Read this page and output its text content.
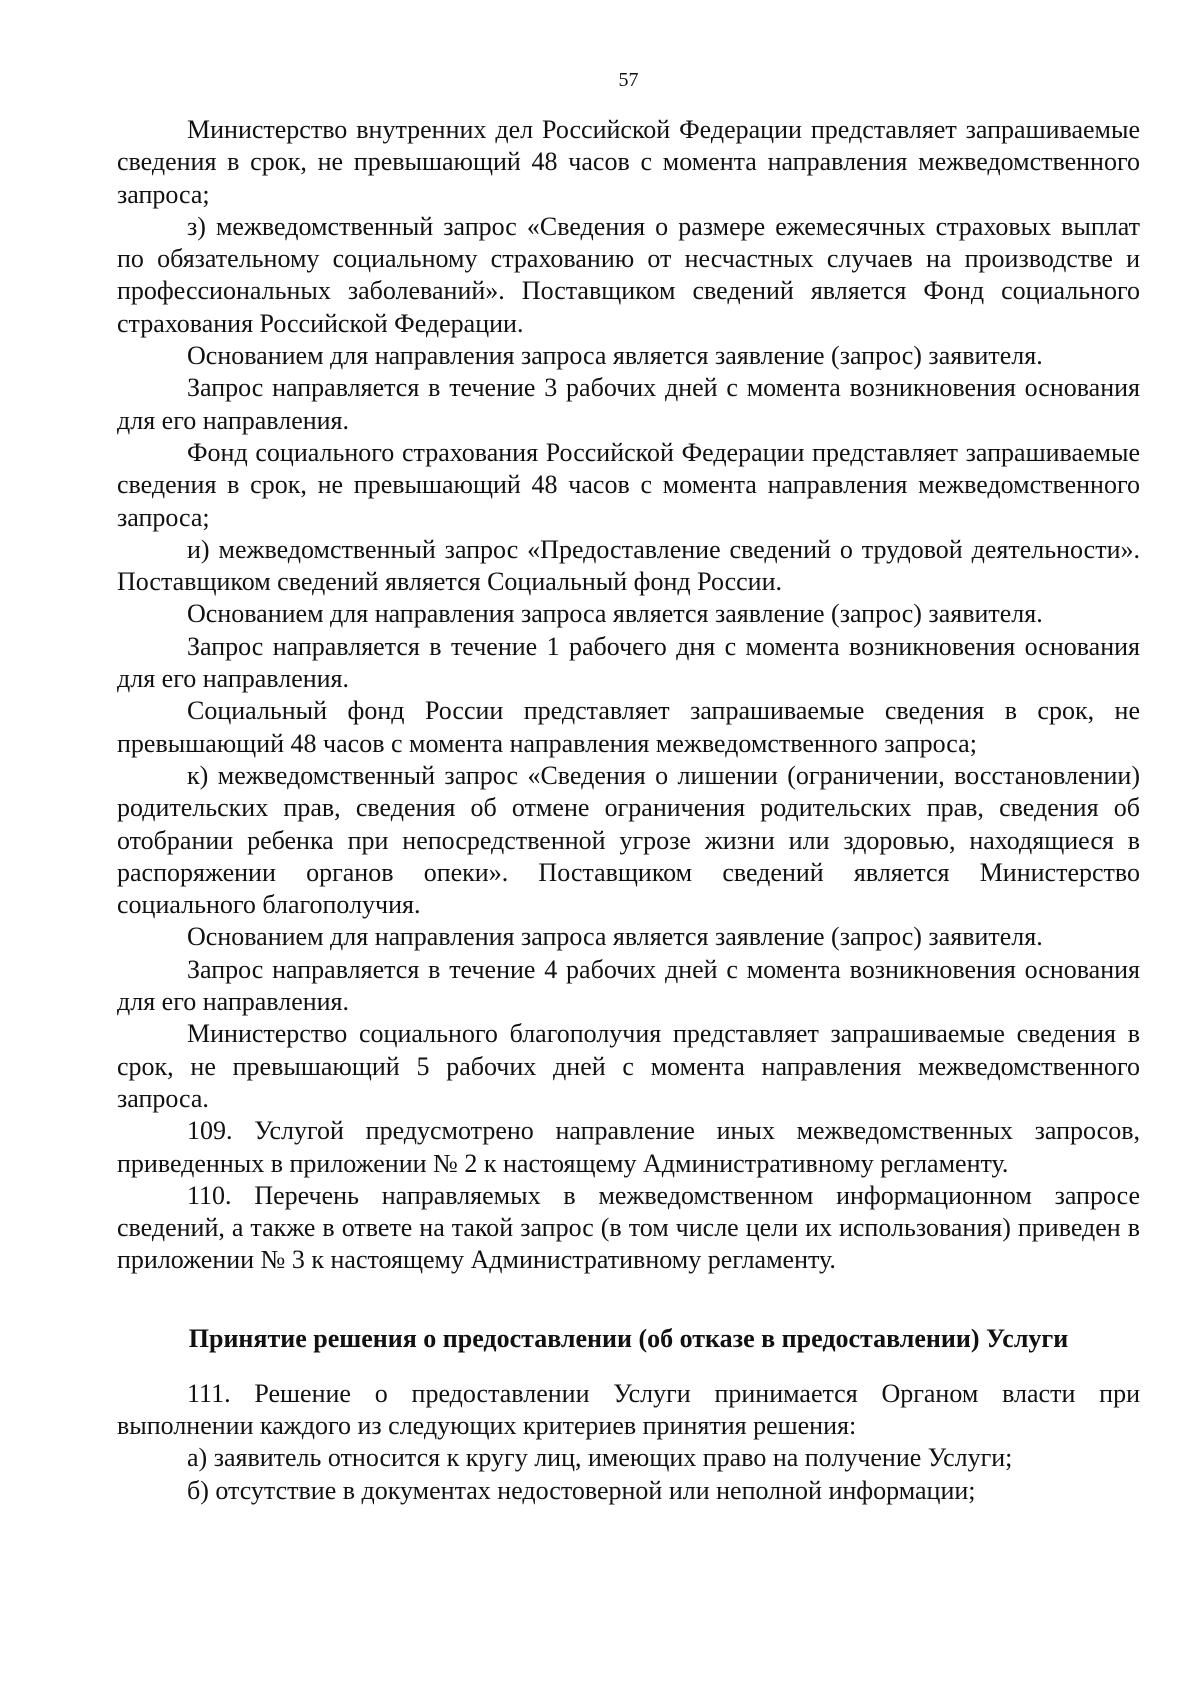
57

Министерство внутренних дел Российской Федерации представляет запрашиваемые сведения в срок, не превышающий 48 часов с момента направления межведомственного запроса;

з) межведомственный запрос «Сведения о размере ежемесячных страховых выплат по обязательному социальному страхованию от несчастных случаев на производстве и профессиональных заболеваний». Поставщиком сведений является Фонд социального страхования Российской Федерации.

Основанием для направления запроса является заявление (запрос) заявителя.

Запрос направляется в течение 3 рабочих дней с момента возникновения основания для его направления.

Фонд социального страхования Российской Федерации представляет запрашиваемые сведения в срок, не превышающий 48 часов с момента направления межведомственного запроса;

и) межведомственный запрос «Предоставление сведений о трудовой деятельности». Поставщиком сведений является Социальный фонд России.

Основанием для направления запроса является заявление (запрос) заявителя.

Запрос направляется в течение 1 рабочего дня с момента возникновения основания для его направления.

Социальный фонд России представляет запрашиваемые сведения в срок, не превышающий 48 часов с момента направления межведомственного запроса;

к) межведомственный запрос «Сведения о лишении (ограничении, восстановлении) родительских прав, сведения об отмене ограничения родительских прав, сведения об отобрании ребенка при непосредственной угрозе жизни или здоровью, находящиеся в распоряжении органов опеки». Поставщиком сведений является Министерство социального благополучия.

Основанием для направления запроса является заявление (запрос) заявителя.

Запрос направляется в течение 4 рабочих дней с момента возникновения основания для его направления.

Министерство социального благополучия представляет запрашиваемые сведения в срок, не превышающий 5 рабочих дней с момента направления межведомственного запроса.

109. Услугой предусмотрено направление иных межведомственных запросов, приведенных в приложении № 2 к настоящему Административному регламенту.

110. Перечень направляемых в межведомственном информационном запросе сведений, а также в ответе на такой запрос (в том числе цели их использования) приведен в приложении № 3 к настоящему Административному регламенту.

Принятие решения о предоставлении (об отказе в предоставлении) Услуги

111. Решение о предоставлении Услуги принимается Органом власти при выполнении каждого из следующих критериев принятия решения:

а) заявитель относится к кругу лиц, имеющих право на получение Услуги;

б) отсутствие в документах недостоверной или неполной информации;
